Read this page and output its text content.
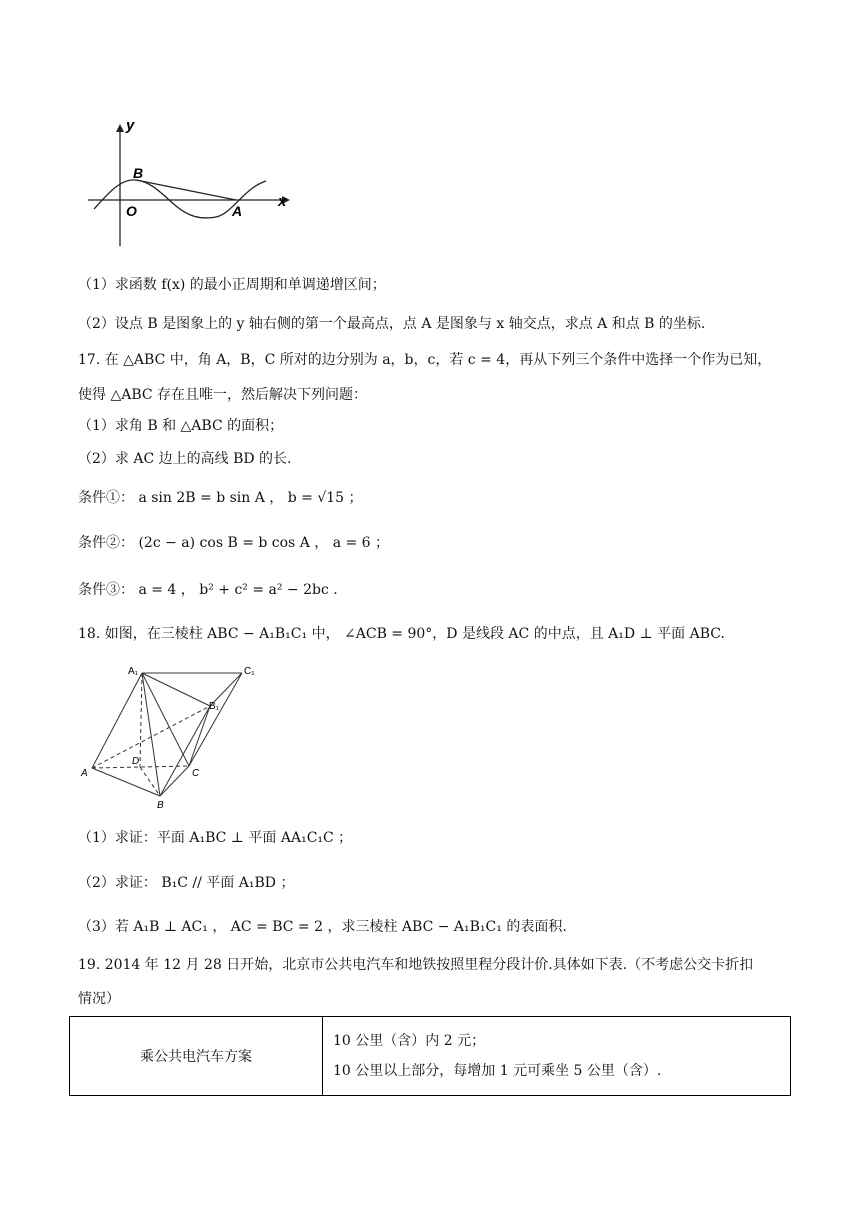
y
x
O
B
A
（1）求函数 f(x) 的最小正周期和单调递增区间；
（2）设点 B 是图象上的 y 轴右侧的第一个最高点，点 A 是图象与 x 轴交点，求点 A 和点 B 的坐标.
17. 在 △ABC 中，角 A，B，C 所对的边分别为 a，b，c，若 c = 4，再从下列三个条件中选择一个作为已知，
使得 △ABC 存在且唯一，然后解决下列问题：
（1）求角 B 和 △ABC 的面积；
（2）求 AC 边上的高线 BD 的长.
条件①： a sin 2B = b sin A ， b = √15 ；
条件②： (2c − a) cos B = b cos A ， a = 6 ；
条件③： a = 4 ， b² + c² = a² − 2bc .
18. 如图，在三棱柱 ABC − A₁B₁C₁ 中， ∠ACB = 90°，D 是线段 AC 的中点，且 A₁D ⊥ 平面 ABC.
A₁	C₁
B₁
A
D
C
B
（1）求证：平面 A₁BC ⊥ 平面 AA₁C₁C ；
（2）求证： B₁C // 平面 A₁BD ；
（3）若 A₁B ⊥ AC₁ ， AC = BC = 2 ，求三棱柱 ABC − A₁B₁C₁ 的表面积.
19. 2014 年 12 月 28 日开始，北京市公共电汽车和地铁按照里程分段计价.具体如下表.（不考虑公交卡折扣
情况）
乘公共电汽车方案	
10 公里（含）内 2 元；
10 公里以上部分，每增加 1 元可乘坐 5 公里（含）.
